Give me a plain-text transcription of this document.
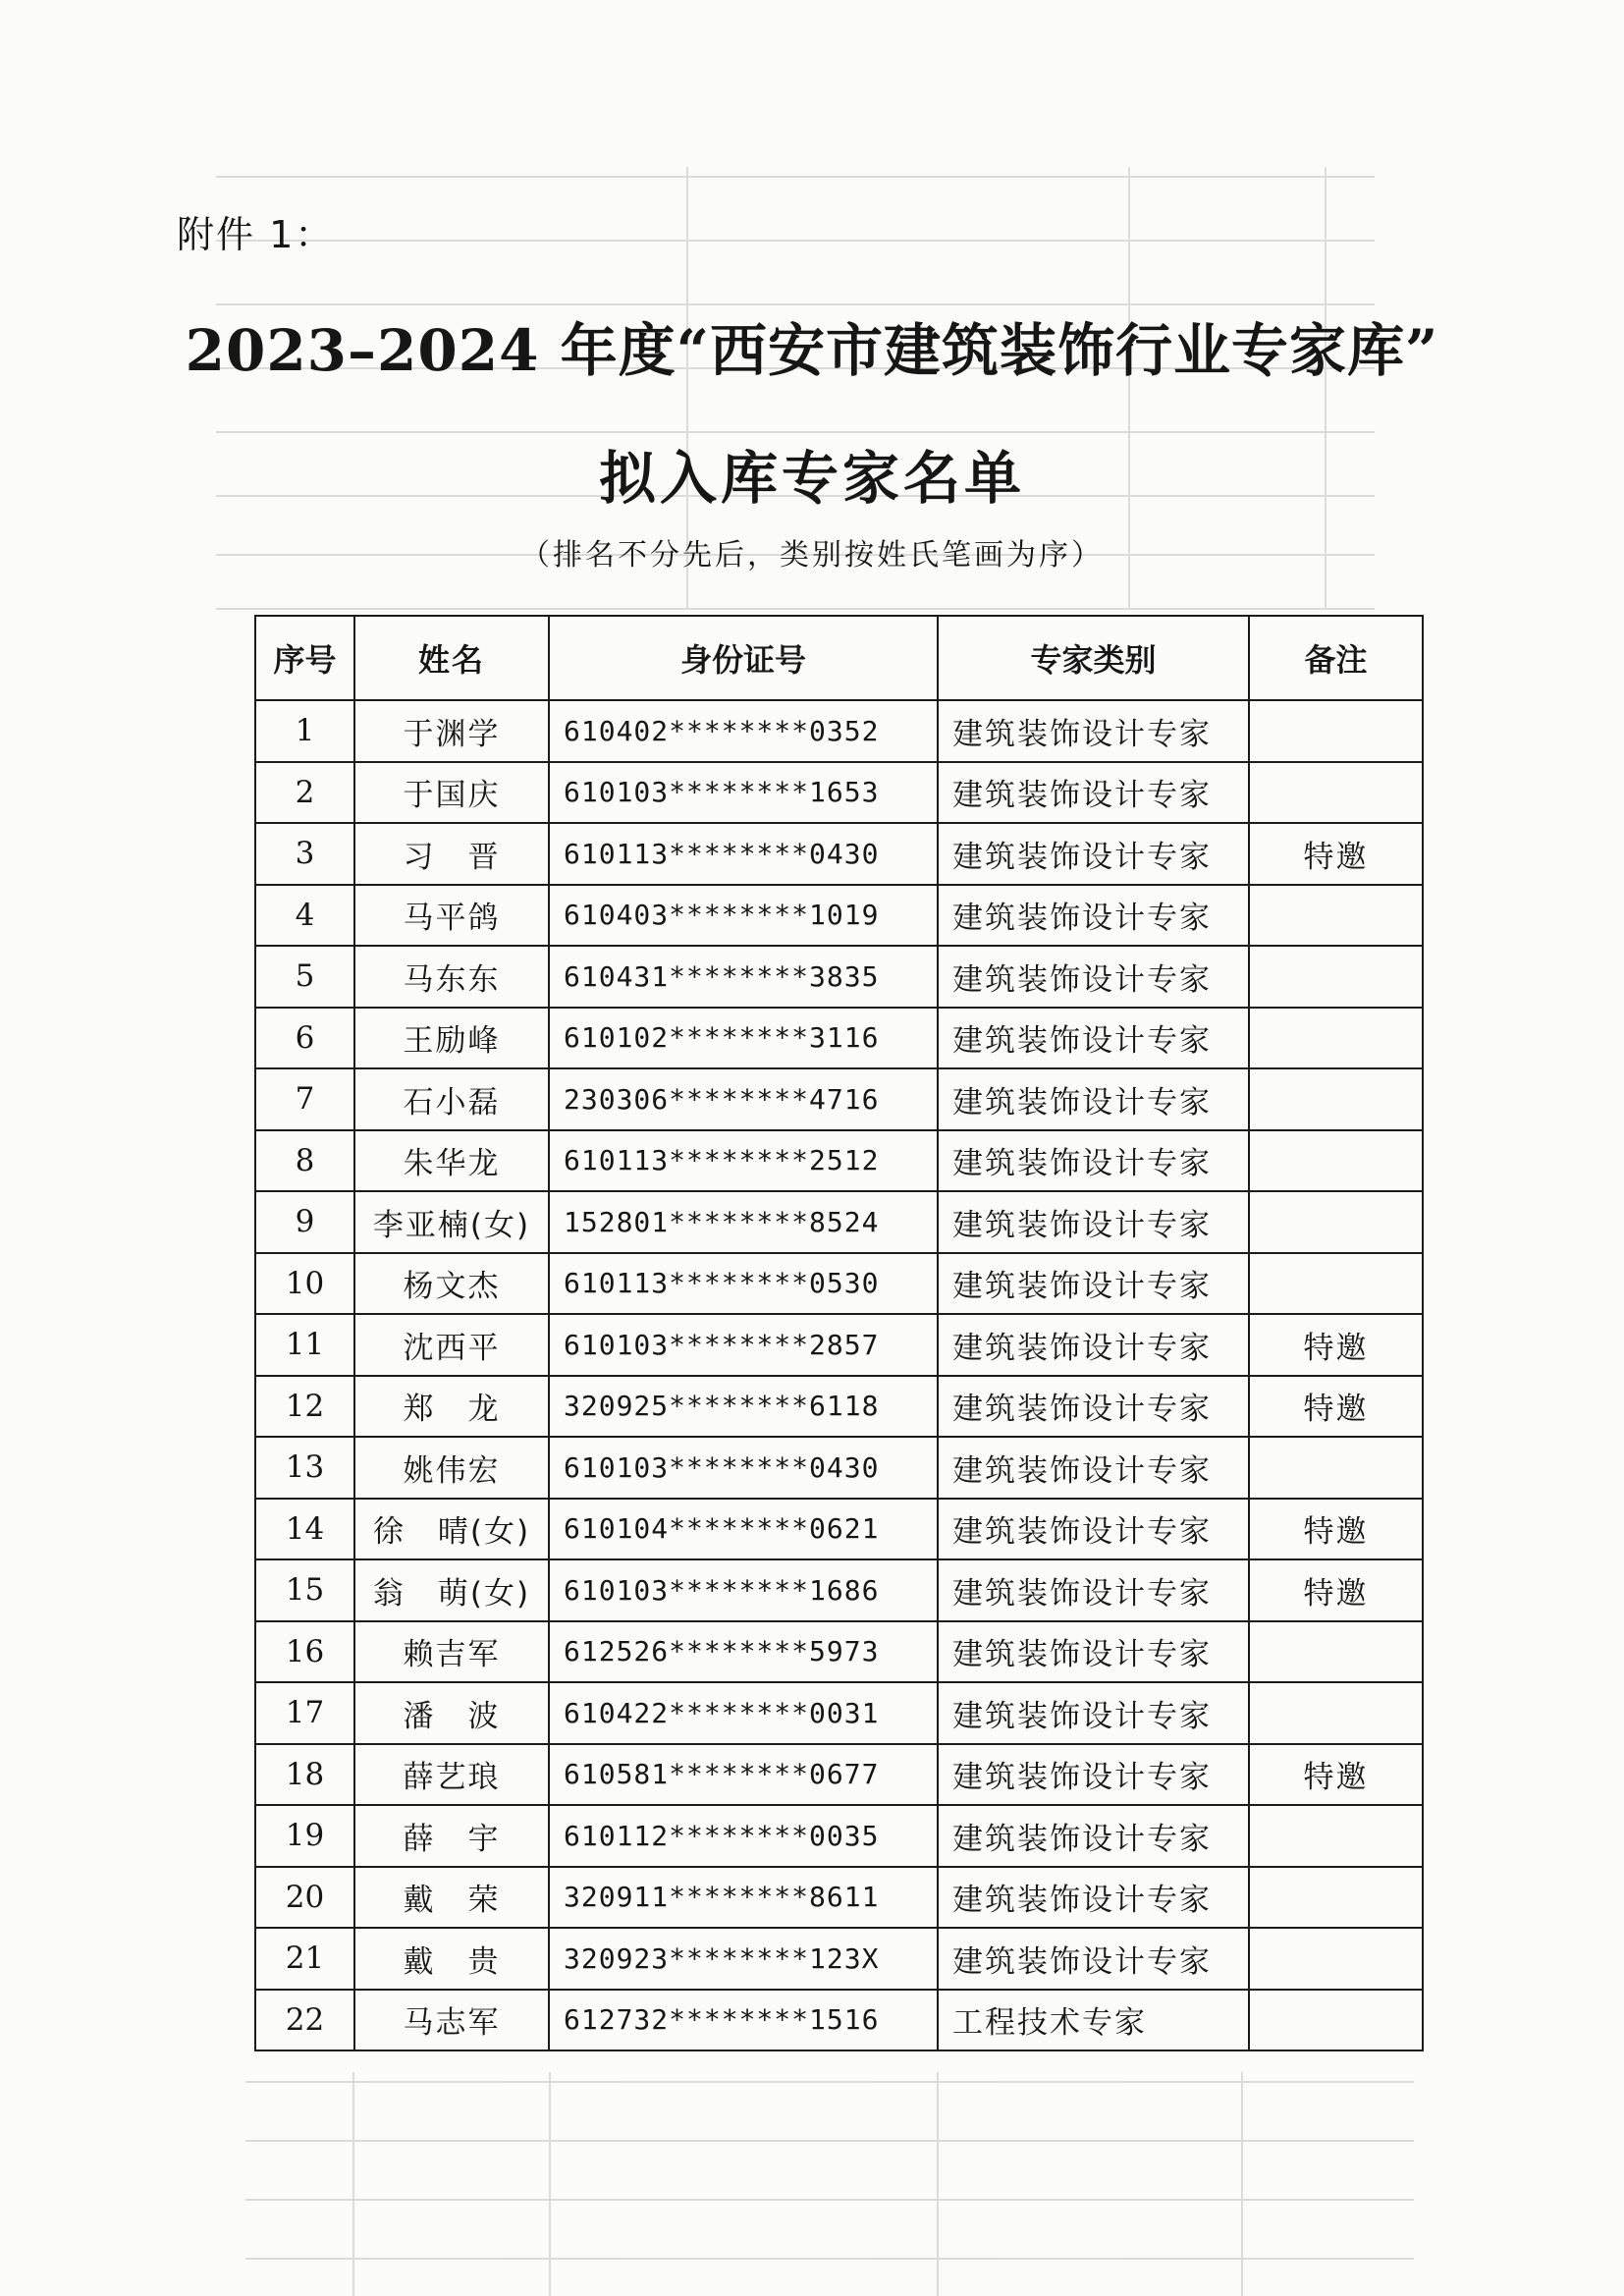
附件 1：
2023–2024 年度“西安市建筑装饰行业专家库”
拟入库专家名单
（排名不分先后，类别按姓氏笔画为序）
序号	姓名	身份证号	专家类别	备注
1	于渊学	610402********0352	建筑装饰设计专家	
2	于国庆	610103********1653	建筑装饰设计专家	
3	习　晋	610113********0430	建筑装饰设计专家	特邀
4	马平鸽	610403********1019	建筑装饰设计专家	
5	马东东	610431********3835	建筑装饰设计专家	
6	王励峰	610102********3116	建筑装饰设计专家	
7	石小磊	230306********4716	建筑装饰设计专家	
8	朱华龙	610113********2512	建筑装饰设计专家	
9	李亚楠(女)	152801********8524	建筑装饰设计专家	
10	杨文杰	610113********0530	建筑装饰设计专家	
11	沈西平	610103********2857	建筑装饰设计专家	特邀
12	郑　龙	320925********6118	建筑装饰设计专家	特邀
13	姚伟宏	610103********0430	建筑装饰设计专家	
14	徐　晴(女)	610104********0621	建筑装饰设计专家	特邀
15	翁　萌(女)	610103********1686	建筑装饰设计专家	特邀
16	赖吉军	612526********5973	建筑装饰设计专家	
17	潘　波	610422********0031	建筑装饰设计专家	
18	薛艺琅	610581********0677	建筑装饰设计专家	特邀
19	薛　宇	610112********0035	建筑装饰设计专家	
20	戴　荣	320911********8611	建筑装饰设计专家	
21	戴　贵	320923********123X	建筑装饰设计专家	
22	马志军	612732********1516	工程技术专家	
